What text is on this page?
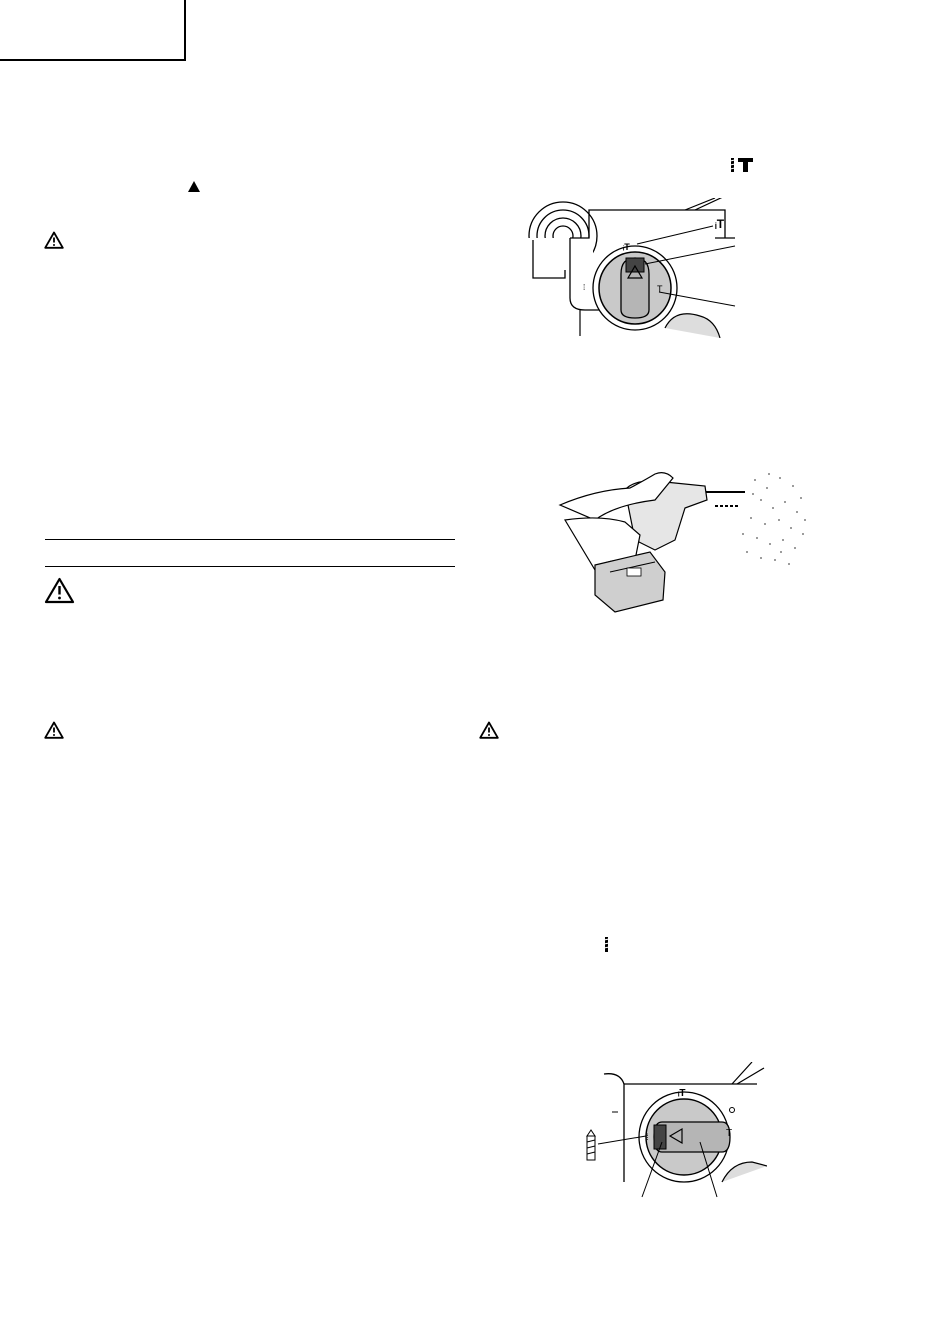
ᵢT
T
⁞
ᵢT
ᵢT
T
⁞
